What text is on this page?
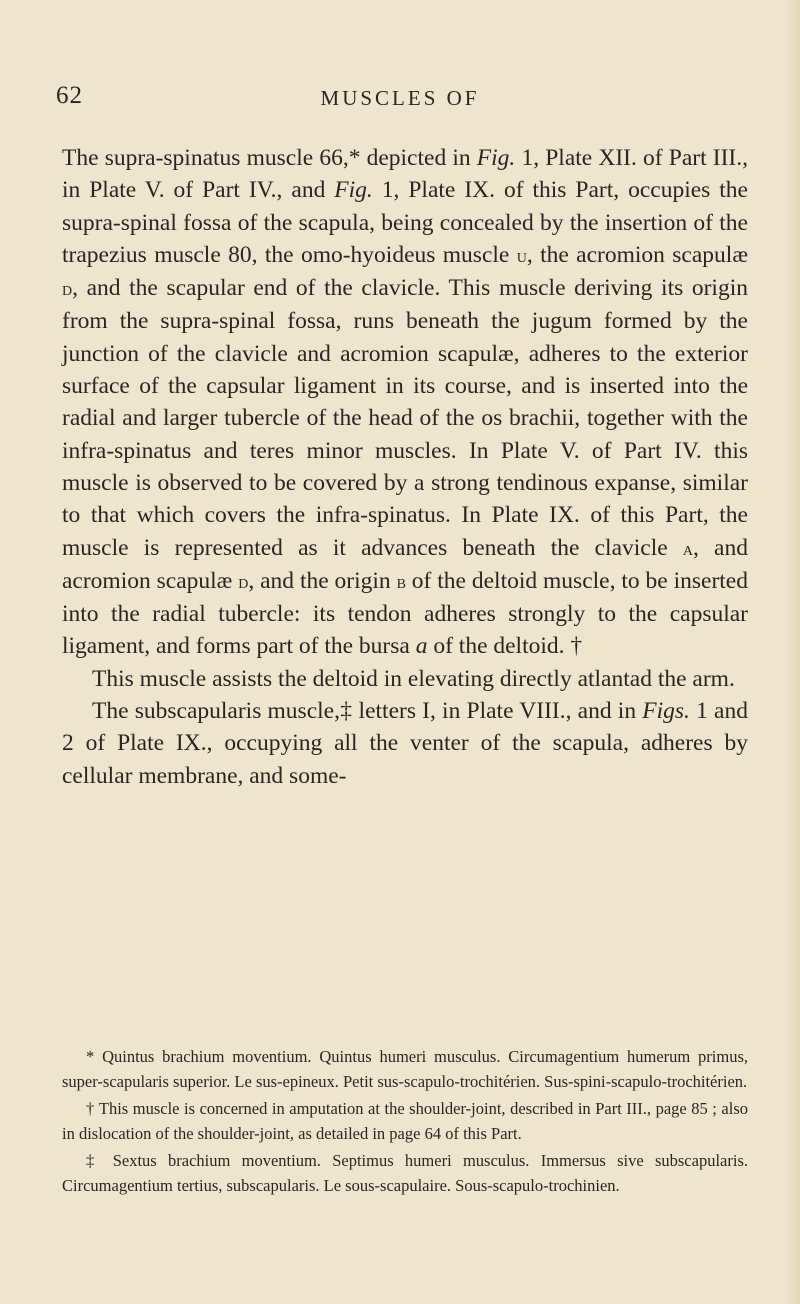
62	MUSCLES OF

The supra-spinatus muscle 66,* depicted in Fig. 1, Plate XII. of Part III., in Plate V. of Part IV., and Fig. 1, Plate IX. of this Part, occupies the supra-spinal fossa of the scapula, being concealed by the insertion of the trapezius muscle 80, the omo-hyoideus muscle u, the acromion scapulæ d, and the scapular end of the clavicle. This muscle deriving its origin from the supra-spinal fossa, runs beneath the jugum formed by the junction of the clavicle and acromion scapulæ, adheres to the exterior surface of the capsular ligament in its course, and is inserted into the radial and larger tubercle of the head of the os brachii, together with the infra-spinatus and teres minor muscles. In Plate V. of Part IV. this muscle is observed to be covered by a strong tendinous expanse, similar to that which covers the infra-spinatus. In Plate IX. of this Part, the muscle is represented as it advances beneath the clavicle a, and acromion scapulæ d, and the origin b of the deltoid muscle, to be inserted into the radial tubercle: its tendon adheres strongly to the capsular ligament, and forms part of the bursa a of the deltoid. †

This muscle assists the deltoid in elevating directly atlantad the arm.

The subscapularis muscle,‡ letters I, in Plate VIII., and in Figs. 1 and 2 of Plate IX., occupying all the venter of the scapula, adheres by cellular membrane, and some-

* Quintus brachium moventium. Quintus humeri musculus. Circumagentium humerum primus, super-scapularis superior. Le sus-epineux. Petit sus-scapulo-trochitérien. Sus-spini-scapulo-trochitérien.

† This muscle is concerned in amputation at the shoulder-joint, described in Part III., page 85 ; also in dislocation of the shoulder-joint, as detailed in page 64 of this Part.

‡ Sextus brachium moventium. Septimus humeri musculus. Immersus sive subscapularis. Circumagentium tertius, subscapularis. Le sous-scapulaire. Sous-scapulo-trochinien.
